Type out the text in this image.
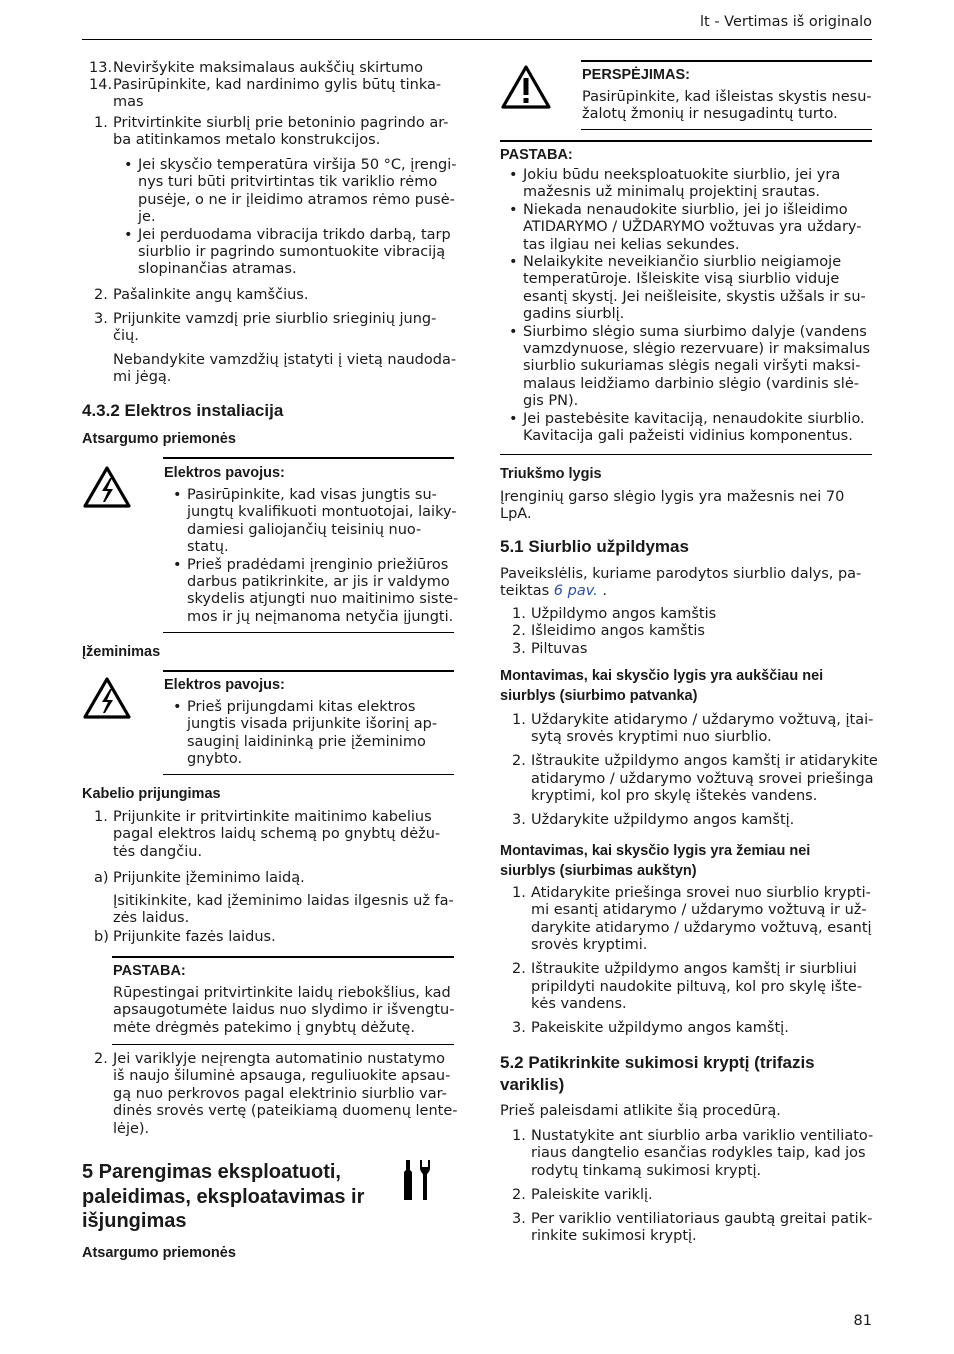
lt - Vertimas iš originalo
81
13. Neviršykite maksimalaus aukščių skirtumo
14. Pasirūpinkite, kad nardinimo gylis būtų tinka-
mas
1. Pritvirtinkite siurblį prie betoninio pagrindo ar-
ba atitinkamos metalo konstrukcijos.
• Jei skysčio temperatūra viršija 50 °C, įrengi-
nys turi būti pritvirtintas tik variklio rėmo
pusėje, o ne ir įleidimo atramos rėmo pusė-
je.
• Jei perduodama vibracija trikdo darbą, tarp
siurblio ir pagrindo sumontuokite vibraciją
slopinančias atramas.
2. Pašalinkite angų kamščius.
3. Prijunkite vamzdį prie siurblio srieginių jung-
čių.
Nebandykite vamzdžių įstatyti į vietą naudoda-
mi jėgą.
4.3.2 Elektros instaliacija
Atsargumo priemonės
Elektros pavojus:
• Pasirūpinkite, kad visas jungtis su-
jungtų kvalifikuoti montuotojai, laiky-
damiesi galiojančių teisinių nuo-
statų.
• Prieš pradėdami įrenginio priežiūros
darbus patikrinkite, ar jis ir valdymo
skydelis atjungti nuo maitinimo siste-
mos ir jų neįmanoma netyčia įjungti.
Įžeminimas
Elektros pavojus:
• Prieš prijungdami kitas elektros
jungtis visada prijunkite išorinį ap-
sauginį laidininką prie įžeminimo
gnybto.
Kabelio prijungimas
1. Prijunkite ir pritvirtinkite maitinimo kabelius
pagal elektros laidų schemą po gnybtų dėžu-
tės dangčiu.
a) Prijunkite įžeminimo laidą.
Įsitikinkite, kad įžeminimo laidas ilgesnis už fa-
zės laidus.
b) Prijunkite fazės laidus.
PASTABA:
Rūpestingai pritvirtinkite laidų riebokšlius, kad
apsaugotumėte laidus nuo slydimo ir išvengtu-
mėte drėgmės patekimo į gnybtų dėžutę.
2. Jei variklyje neįrengta automatinio nustatymo
iš naujo šiluminė apsauga, reguliuokite apsau-
gą nuo perkrovos pagal elektrinio siurblio var-
dinės srovės vertę (pateikiamą duomenų lente-
lėje).
5 Parengimas eksploatuoti,
paleidimas, eksploatavimas ir
išjungimas
Atsargumo priemonės
PERSPĖJIMAS:
Pasirūpinkite, kad išleistas skystis nesu-
žalotų žmonių ir nesugadintų turto.
PASTABA:
• Jokiu būdu neeksploatuokite siurblio, jei yra
mažesnis už minimalų projektinį srautas.
• Niekada nenaudokite siurblio, jei jo išleidimo
ATIDARYMO / UŽDARYMO vožtuvas yra uždary-
tas ilgiau nei kelias sekundes.
• Nelaikykite neveikiančio siurblio neigiamoje
temperatūroje. Išleiskite visą siurblio viduje
esantį skystį. Jei neišleisite, skystis užšals ir su-
gadins siurblį.
• Siurbimo slėgio suma siurbimo dalyje (vandens
vamzdynuose, slėgio rezervuare) ir maksimalus
siurblio sukuriamas slėgis negali viršyti maksi-
malaus leidžiamo darbinio slėgio (vardinis slė-
gis PN).
• Jei pastebėsite kavitaciją, nenaudokite siurblio.
Kavitacija gali pažeisti vidinius komponentus.
Triukšmo lygis
Įrenginių garso slėgio lygis yra mažesnis nei 70
LpA.
5.1 Siurblio užpildymas
Paveikslėlis, kuriame parodytos siurblio dalys, pa-
teiktas 6 pav. .
1. Užpildymo angos kamštis
2. Išleidimo angos kamštis
3. Piltuvas
Montavimas, kai skysčio lygis yra aukščiau nei
siurblys (siurbimo patvanka)
1. Uždarykite atidarymo / uždarymo vožtuvą, įtai-
sytą srovės kryptimi nuo siurblio.
2. Ištraukite užpildymo angos kamštį ir atidarykite
atidarymo / uždarymo vožtuvą srovei priešinga
kryptimi, kol pro skylę ištekės vandens.
3. Uždarykite užpildymo angos kamštį.
Montavimas, kai skysčio lygis yra žemiau nei
siurblys (siurbimas aukštyn)
1. Atidarykite priešinga srovei nuo siurblio krypti-
mi esantį atidarymo / uždarymo vožtuvą ir už-
darykite atidarymo / uždarymo vožtuvą, esantį
srovės kryptimi.
2. Ištraukite užpildymo angos kamštį ir siurbliui
pripildyti naudokite piltuvą, kol pro skylę ište-
kės vandens.
3. Pakeiskite užpildymo angos kamštį.
5.2 Patikrinkite sukimosi kryptį (trifazis
variklis)
Prieš paleisdami atlikite šią procedūrą.
1. Nustatykite ant siurblio arba variklio ventiliato-
riaus dangtelio esančias rodykles taip, kad jos
rodytų tinkamą sukimosi kryptį.
2. Paleiskite variklį.
3. Per variklio ventiliatoriaus gaubtą greitai patik-
rinkite sukimosi kryptį.
